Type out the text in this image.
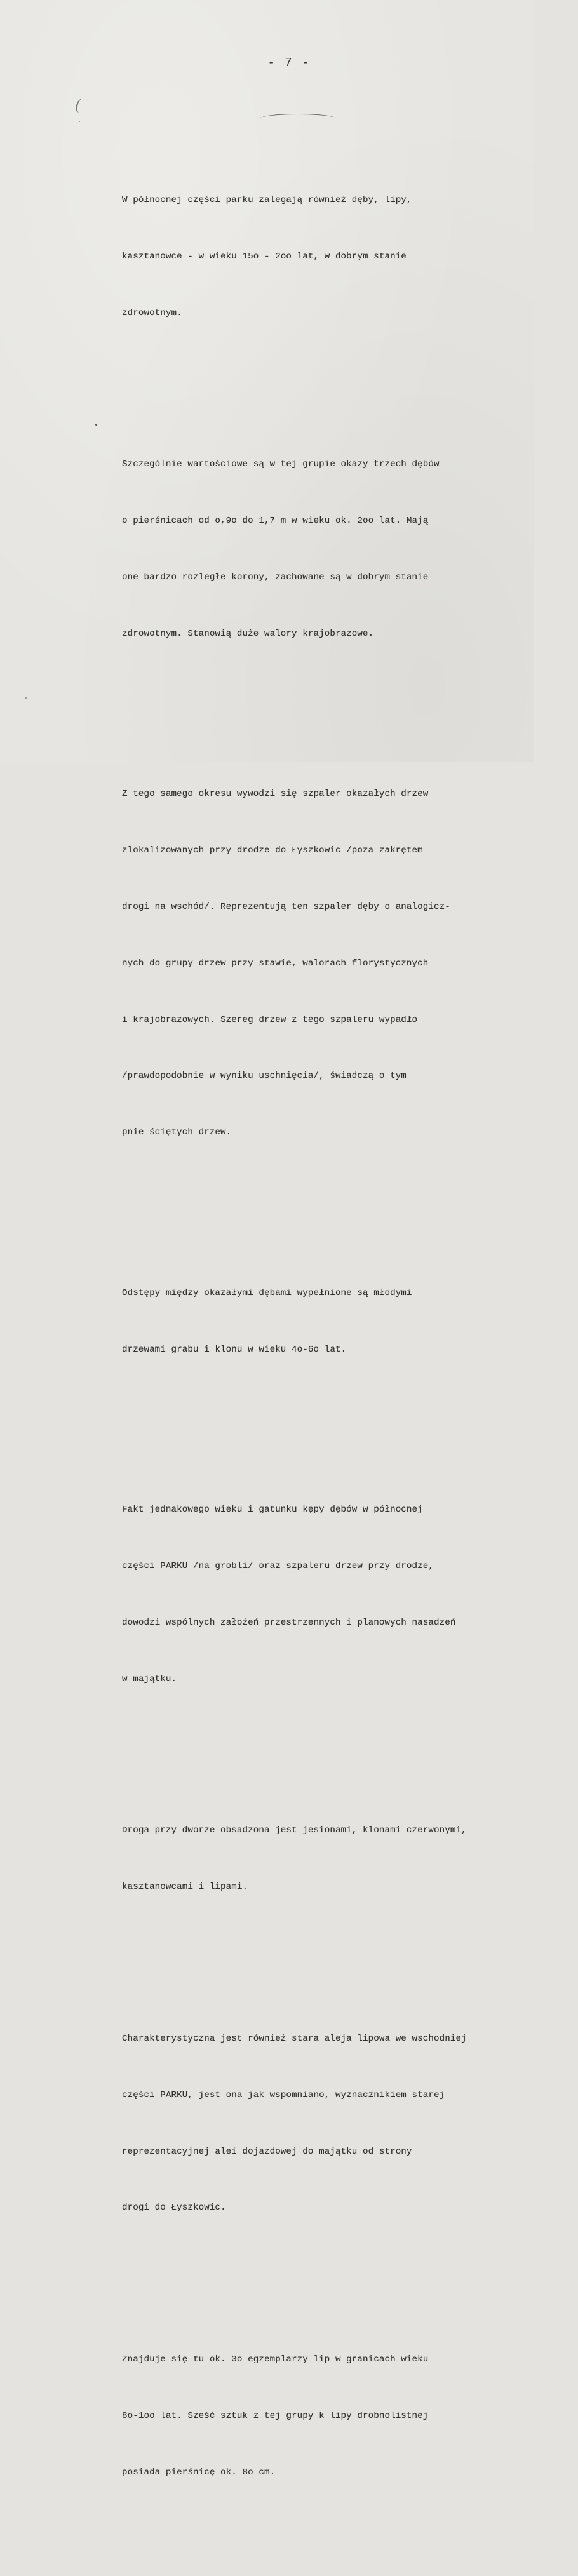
- 7 -
(

W północnej części parku zalegają również dęby, lipy,

kasztanowce - w wieku 15o - 2oo lat, w dobrym stanie

zdrowotnym.

Szczególnie wartościowe są w tej grupie okazy trzech dębów

o pierśnicach od o,9o do 1,7 m w wieku ok. 2oo lat. Mają

one bardzo rozległe korony, zachowane są w dobrym stanie

zdrowotnym. Stanowią duże walory krajobrazowe.

Z tego samego okresu wywodzi się szpaler okazałych drzew

zlokalizowanych przy drodze do Łyszkowic /poza zakrętem

drogi na wschód/. Reprezentują ten szpaler dęby o analogicz-

nych do grupy drzew przy stawie, walorach florystycznych

i krajobrazowych. Szereg drzew z tego szpaleru wypadło

/prawdopodobnie w wyniku uschnięcia/, świadczą o tym

pnie ściętych drzew.

Odstępy między okazałymi dębami wypełnione są młodymi

drzewami grabu i klonu w wieku 4o-6o lat.

Fakt jednakowego wieku i gatunku kępy dębów w północnej

części PARKU /na grobli/ oraz szpaleru drzew przy drodze,

dowodzi wspólnych założeń przestrzennych i planowych nasadzeń

w majątku.

Droga przy dworze obsadzona jest jesionami, klonami czerwonymi,

kasztanowcami i lipami.

Charakterystyczna jest również stara aleja lipowa we wschodniej

części PARKU, jest ona jak wspomniano, wyznacznikiem starej

reprezentacyjnej alei dojazdowej do majątku od strony

drogi do Łyszkowic.

Znajduje się tu ok. 3o egzemplarzy lip w granicach wieku

8o-1oo lat. Sześć sztuk z tej grupy k lipy drobnolistnej

posiada pierśnicę ok. 8o cm.
